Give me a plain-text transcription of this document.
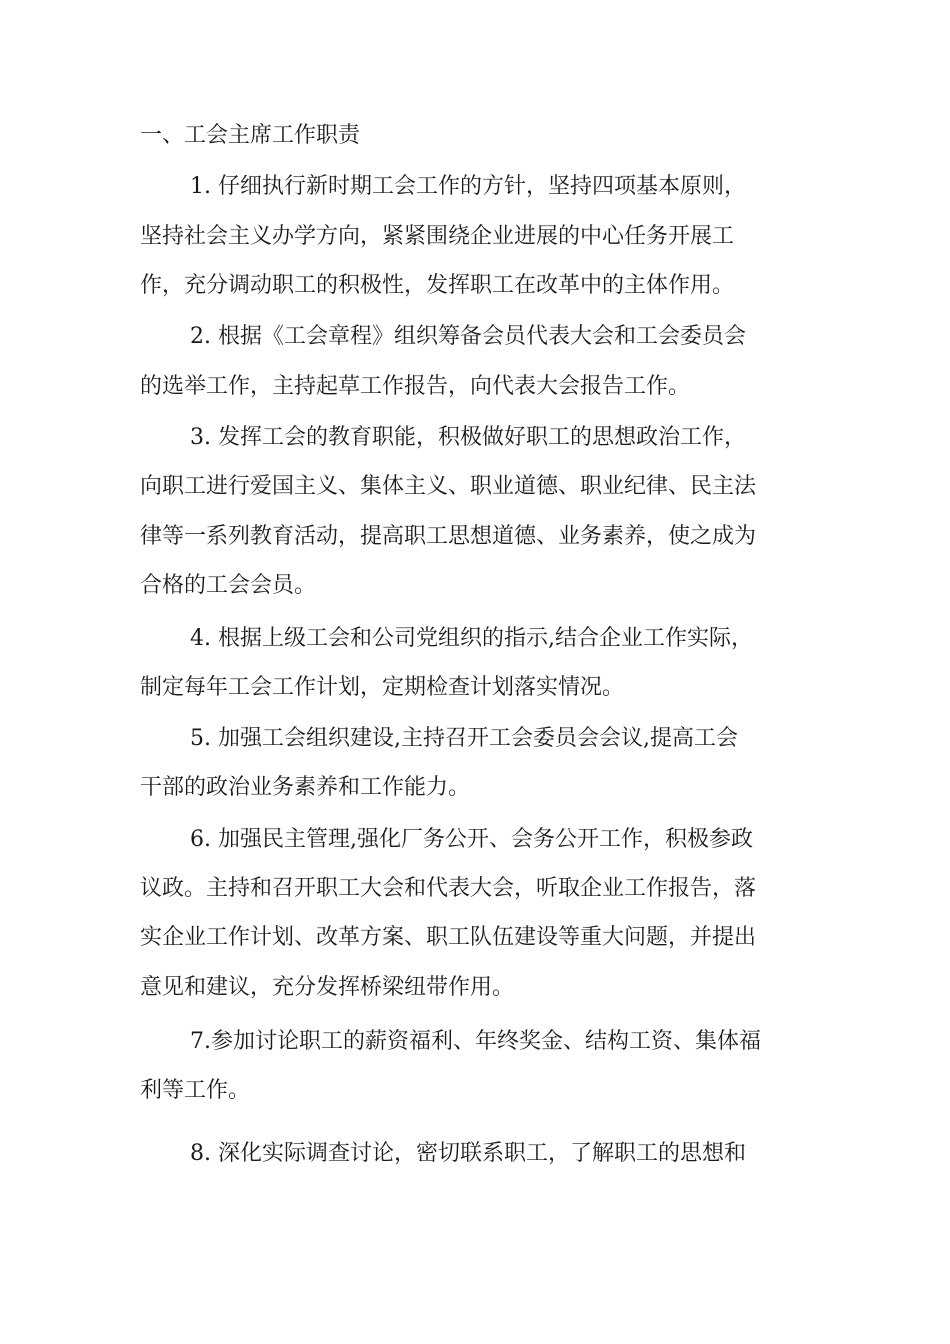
一、工会主席工作职责
1. 仔细执行新时期工会工作的方针，坚持四项基本原则，
坚持社会主义办学方向，紧紧围绕企业进展的中心任务开展工
作，充分调动职工的积极性，发挥职工在改革中的主体作用。
2. 根据《工会章程》组织筹备会员代表大会和工会委员会
的选举工作，主持起草工作报告，向代表大会报告工作。
3. 发挥工会的教育职能，积极做好职工的思想政治工作，
向职工进行爱国主义、集体主义、职业道德、职业纪律、民主法
律等一系列教育活动，提高职工思想道德、业务素养，使之成为
合格的工会会员。
4. 根据上级工会和公司党组织的指示,结合企业工作实际，
制定每年工会工作计划，定期检查计划落实情况。
5. 加强工会组织建设,主持召开工会委员会会议,提高工会
干部的政治业务素养和工作能力。
6. 加强民主管理,强化厂务公开、会务公开工作，积极参政
议政。主持和召开职工大会和代表大会，听取企业工作报告，落
实企业工作计划、改革方案、职工队伍建设等重大问题，并提出
意见和建议，充分发挥桥梁纽带作用。
7.参加讨论职工的薪资福利、年终奖金、结构工资、集体福
利等工作。
8. 深化实际调查讨论，密切联系职工，了解职工的思想和
